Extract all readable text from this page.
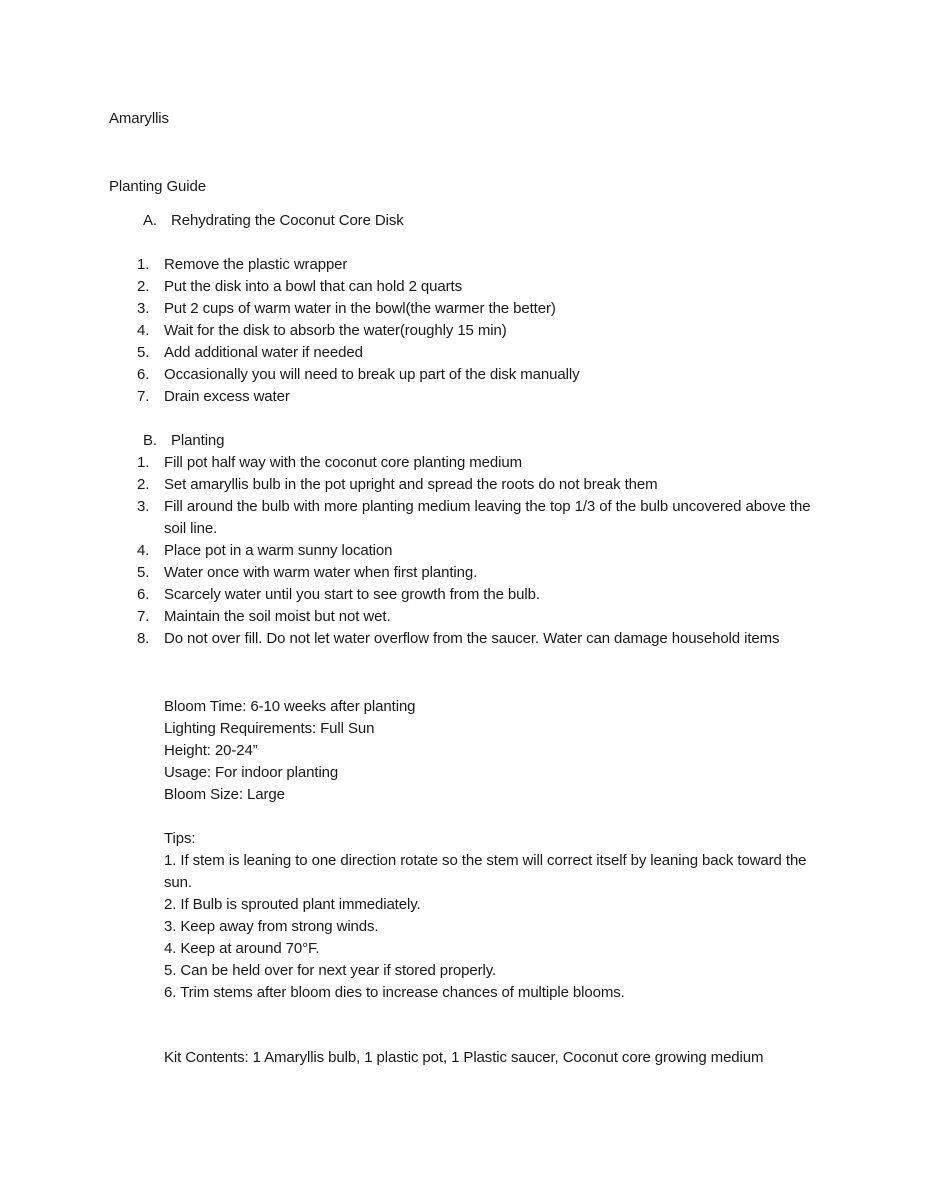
Amaryllis
Planting Guide
A. Rehydrating the Coconut Core Disk
1. Remove the plastic wrapper
2. Put the disk into a bowl that can hold 2 quarts
3. Put 2 cups of warm water in the bowl(the warmer the better)
4. Wait for the disk to absorb the water(roughly 15 min)
5. Add additional water if needed
6. Occasionally you will need to break up part of the disk manually
7. Drain excess water
B. Planting
1. Fill pot half way with the coconut core planting medium
2. Set amaryllis bulb in the pot upright and spread the roots do not break them
3. Fill around the bulb with more planting medium leaving the top 1/3 of the bulb uncovered above the soil line.
4. Place pot in a warm sunny location
5. Water once with warm water when first planting.
6. Scarcely water until you start to see growth from the bulb.
7. Maintain the soil moist but not wet.
8. Do not over fill. Do not let water overflow from the saucer. Water can damage household items
Bloom Time: 6-10 weeks after planting
Lighting Requirements: Full Sun
Height: 20-24”
Usage: For indoor planting
Bloom Size: Large
Tips:
1. If stem is leaning to one direction rotate so the stem will correct itself by leaning back toward the sun.
2. If Bulb is sprouted plant immediately.
3. Keep away from strong winds.
4. Keep at around 70°F.
5. Can be held over for next year if stored properly.
6. Trim stems after bloom dies to increase chances of multiple blooms.
Kit Contents: 1 Amaryllis bulb, 1 plastic pot, 1 Plastic saucer, Coconut core growing medium
